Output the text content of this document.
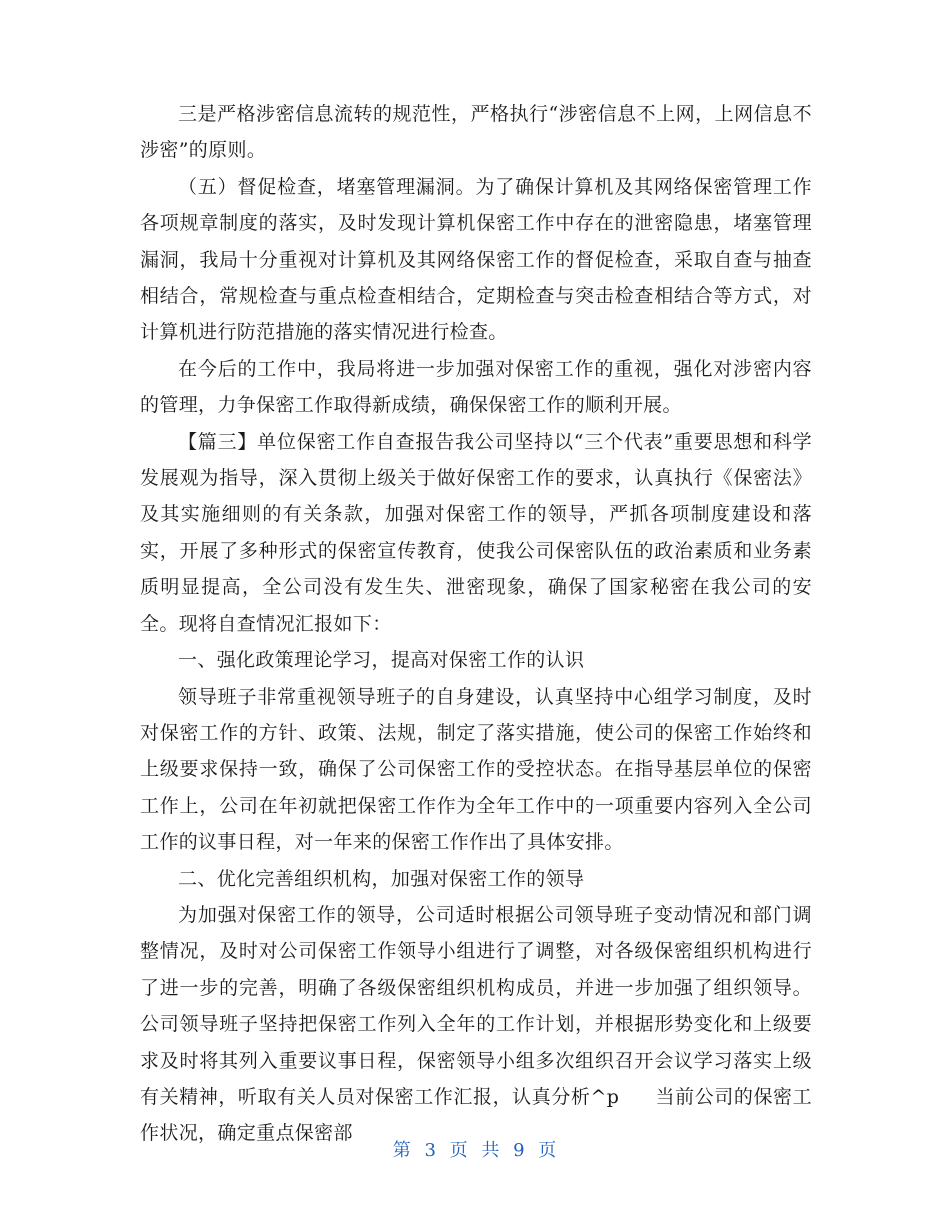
三是严格涉密信息流转的规范性，严格执行“涉密信息不上网，上网信息不涉密”的原则。

（五）督促检查，堵塞管理漏洞。为了确保计算机及其网络保密管理工作各项规章制度的落实，及时发现计算机保密工作中存在的泄密隐患，堵塞管理漏洞，我局十分重视对计算机及其网络保密工作的督促检查，采取自查与抽查相结合，常规检查与重点检查相结合，定期检查与突击检查相结合等方式，对计算机进行防范措施的落实情况进行检查。

在今后的工作中，我局将进一步加强对保密工作的重视，强化对涉密内容的管理，力争保密工作取得新成绩，确保保密工作的顺利开展。

【篇三】单位保密工作自查报告我公司坚持以“三个代表”重要思想和科学发展观为指导，深入贯彻上级关于做好保密工作的要求，认真执行《保密法》及其实施细则的有关条款，加强对保密工作的领导，严抓各项制度建设和落实，开展了多种形式的保密宣传教育，使我公司保密队伍的政治素质和业务素质明显提高，全公司没有发生失、泄密现象，确保了国家秘密在我公司的安全。现将自查情况汇报如下：

一、强化政策理论学习，提高对保密工作的认识

领导班子非常重视领导班子的自身建设，认真坚持中心组学习制度，及时对保密工作的方针、政策、法规，制定了落实措施，使公司的保密工作始终和上级要求保持一致，确保了公司保密工作的受控状态。在指导基层单位的保密工作上，公司在年初就把保密工作作为全年工作中的一项重要内容列入全公司工作的议事日程，对一年来的保密工作作出了具体安排。

二、优化完善组织机构，加强对保密工作的领导

为加强对保密工作的领导，公司适时根据公司领导班子变动情况和部门调整情况，及时对公司保密工作领导小组进行了调整，对各级保密组织机构进行了进一步的完善，明确了各级保密组织机构成员，并进一步加强了组织领导。公司领导班子坚持把保密工作列入全年的工作计划，并根据形势变化和上级要求及时将其列入重要议事日程，保密领导小组多次组织召开会议学习落实上级有关精神，听取有关人员对保密工作汇报，认真分析^p 当前公司的保密工作状况，确定重点保密部

第 3 页 共 9 页
